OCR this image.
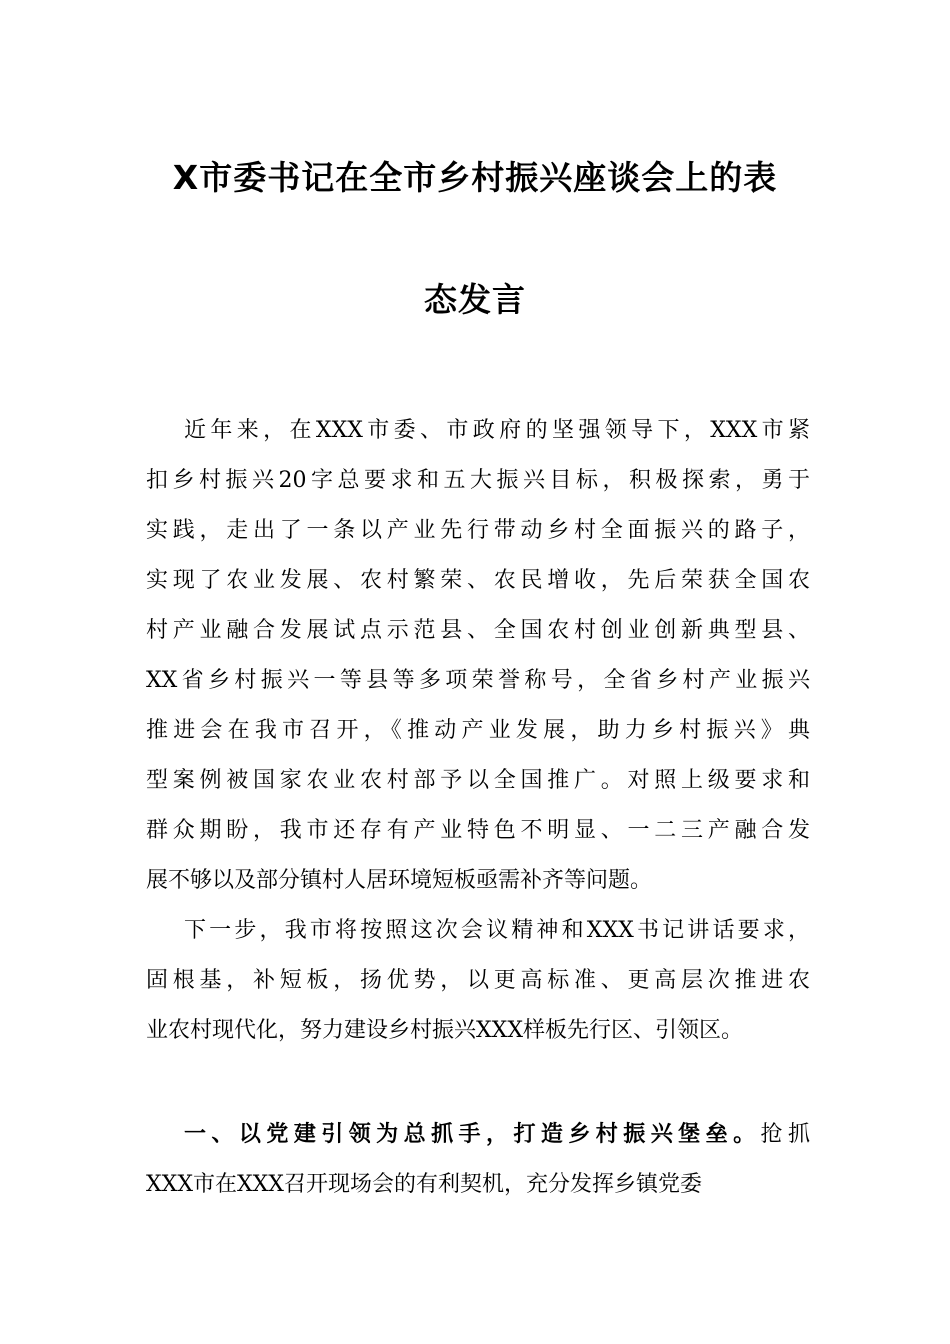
X市委书记在全市乡村振兴座谈会上的表
态发言
近年来，在XXX市委、市政府的坚强领导下，XXX市紧
扣乡村振兴20字总要求和五大振兴目标，积极探索，勇于
实践，走出了一条以产业先行带动乡村全面振兴的路子，
实现了农业发展、农村繁荣、农民增收，先后荣获全国农
村产业融合发展试点示范县、全国农村创业创新典型县、
XX省乡村振兴一等县等多项荣誉称号，全省乡村产业振兴
推进会在我市召开，《推动产业发展，助力乡村振兴》典
型案例被国家农业农村部予以全国推广。对照上级要求和
群众期盼，我市还存有产业特色不明显、一二三产融合发
展不够以及部分镇村人居环境短板亟需补齐等问题。
下一步，我市将按照这次会议精神和XXX书记讲话要求，
固根基，补短板，扬优势，以更高标准、更高层次推进农
业农村现代化，努力建设乡村振兴XXX样板先行区、引领区。
一、以党建引领为总抓手，打造乡村振兴堡垒。抢抓
XXX市在XXX召开现场会的有利契机，充分发挥乡镇党委
